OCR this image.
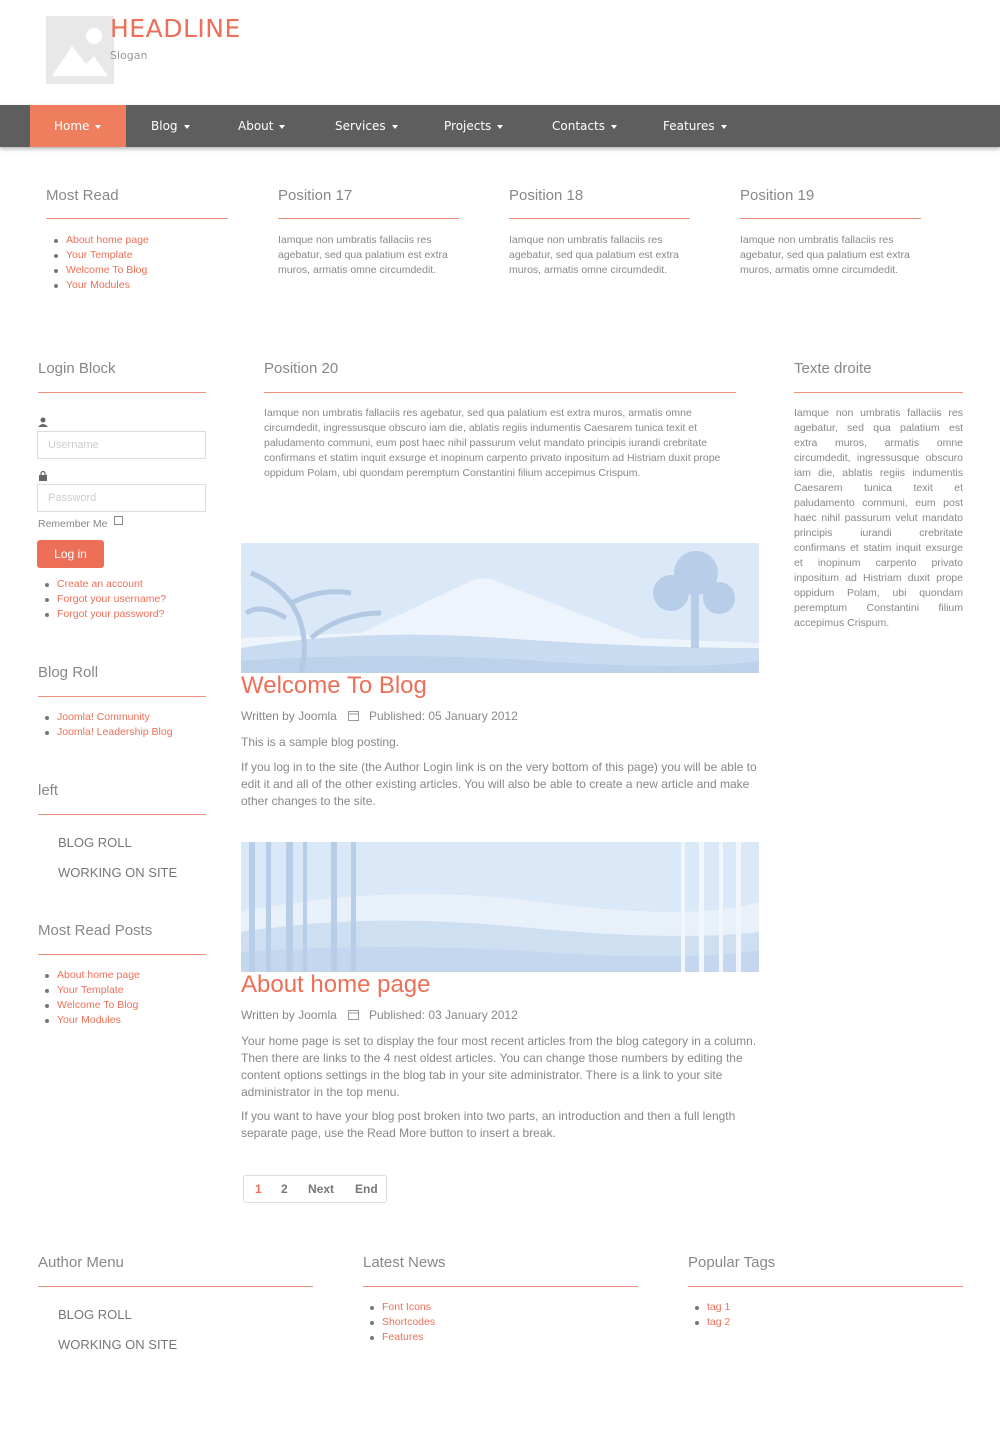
HEADLINE
Slogan
Home	Blog	About	Services	Projects	Contacts	Features
Most Read
About home page
Your Template
Welcome To Blog
Your Modules
Position 17
Iamque non umbratis fallaciis res agebatur, sed qua palatium est extra muros, armatis omne circumdedit.
Position 18
Iamque non umbratis fallaciis res agebatur, sed qua palatium est extra muros, armatis omne circumdedit.
Position 19
Iamque non umbratis fallaciis res agebatur, sed qua palatium est extra muros, armatis omne circumdedit.
Login Block
Username
Remember Me
Log in
Create an account
Forgot your username?
Forgot your password?
Blog Roll
Joomla! Community
Joomla! Leadership Blog
left
BLOG ROLL
WORKING ON SITE
Most Read Posts
About home page
Your Template
Welcome To Blog
Your Modules
Position 20
Iamque non umbratis fallaciis res agebatur, sed qua palatium est extra muros, armatis omne circumdedit, ingressusque obscuro iam die, ablatis regiis indumentis Caesarem tunica texit et paludamento communi, eum post haec nihil passurum velut mandato principis iurandi crebritate confirmans et statim inquit exsurge et inopinum carpento privato inpositum ad Histriam duxit prope oppidum Polam, ubi quondam peremptum Constantini filium accepimus Crispum.
Texte droite
Iamque non umbratis fallaciis res agebatur, sed qua palatium est extra muros, armatis omne circumdedit, ingressusque obscuro iam die, ablatis regiis indumentis Caesarem tunica texit et paludamento communi, eum post haec nihil passurum velut mandato principis iurandi crebritate confirmans et statim inquit exsurge et inopinum carpento privato inpositum ad Histriam duxit prope oppidum Polam, ubi quondam peremptum Constantini filium accepimus Crispum.
Welcome To Blog
Written by Joomla	Published: 05 January 2012
This is a sample blog posting.
If you log in to the site (the Author Login link is on the very bottom of this page) you will be able to edit it and all of the other existing articles. You will also be able to create a new article and make other changes to the site.
About home page
Written by Joomla	Published: 03 January 2012
Your home page is set to display the four most recent articles from the blog category in a column. Then there are links to the 4 nest oldest articles. You can change those numbers by editing the content options settings in the blog tab in your site administrator. There is a link to your site administrator in the top menu.
If you want to have your blog post broken into two parts, an introduction and then a full length separate page, use the Read More button to insert a break.
1 2 Next End
Author Menu
BLOG ROLL
WORKING ON SITE
Latest News
Font Icons
Shortcodes
Features
Popular Tags
tag 1
tag 2
